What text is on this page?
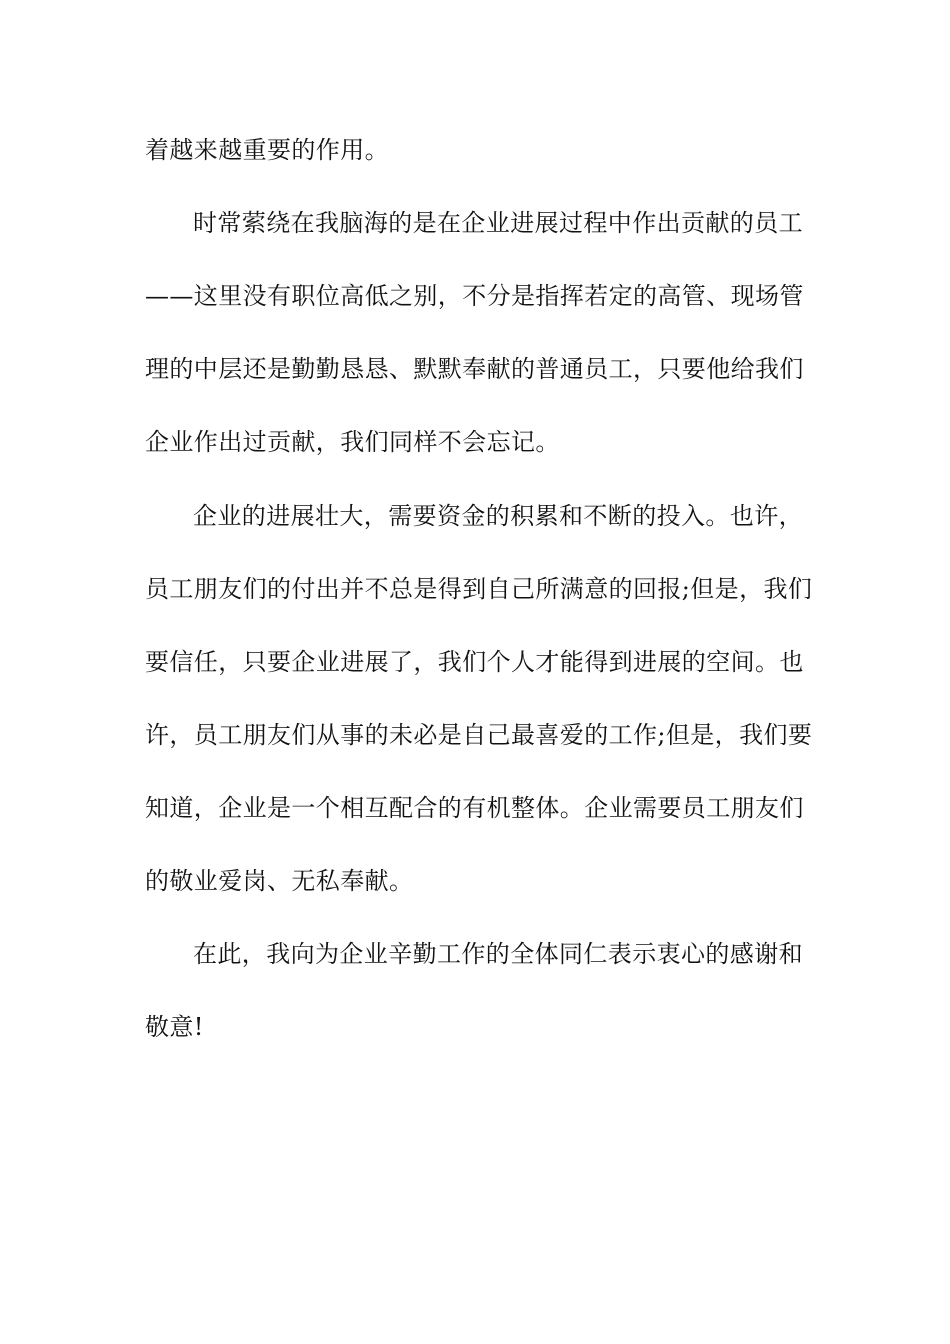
着越来越重要的作用。
时常萦绕在我脑海的是在企业进展过程中作出贡献的员工
——这里没有职位高低之别，不分是指挥若定的高管、现场管
理的中层还是勤勤恳恳、默默奉献的普通员工，只要他给我们
企业作出过贡献，我们同样不会忘记。
企业的进展壮大，需要资金的积累和不断的投入。也许，
员工朋友们的付出并不总是得到自己所满意的回报;但是，我们
要信任，只要企业进展了，我们个人才能得到进展的空间。也
许，员工朋友们从事的未必是自己最喜爱的工作;但是，我们要
知道，企业是一个相互配合的有机整体。企业需要员工朋友们
的敬业爱岗、无私奉献。
在此，我向为企业辛勤工作的全体同仁表示衷心的感谢和
敬意!
